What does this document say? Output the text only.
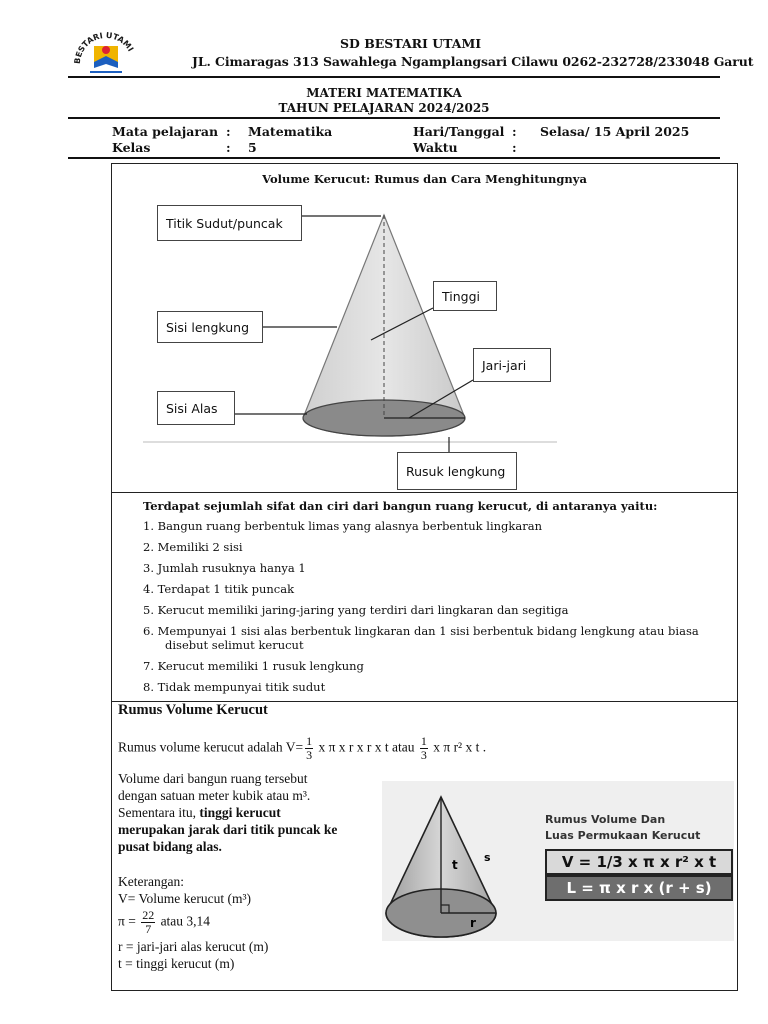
BESTARI UTAMI	SD BESTARI UTAMI
JL. Cimaragas 313 Sawahlega Ngamplangsari Cilawu 0262-232728/233048 Garut
MATERI MATEMATIKA
TAHUN PELAJARAN 2024/2025
Mata pelajaran : Matematika	Hari/Tanggal : Selasa/ 15 April 2025
Kelas	: 5	Waktu	:
Volume Kerucut: Rumus dan Cara Menghitungnya
Titik Sudut/puncak
Sisi lengkung
Sisi Alas
Tinggi
Jari-jari
Rusuk lengkung
Terdapat sejumlah sifat dan ciri dari bangun ruang kerucut, di antaranya yaitu:
1. Bangun ruang berbentuk limas yang alasnya berbentuk lingkaran
2. Memiliki 2 sisi
3. Jumlah rusuknya hanya 1
4. Terdapat 1 titik puncak
5. Kerucut memiliki jaring-jaring yang terdiri dari lingkaran dan segitiga
6. Mempunyai 1 sisi alas berbentuk lingkaran dan 1 sisi berbentuk bidang lengkung atau biasa
disebut selimut kerucut
7. Kerucut memiliki 1 rusuk lengkung
8. Tidak mempunyai titik sudut
Rumus Volume Kerucut
Rumus volume kerucut adalah $V= \frac{1}{3}$ x π x r x r x t atau $\frac{1}{3}$ x π r² x t .
Volume dari bangun ruang tersebut
dengan satuan meter kubik atau m³.
Sementara itu, tinggi kerucut
merupakan jarak dari titik puncak ke
pusat bidang alas.
Keterangan:
V= Volume kerucut (m³)
$\pi = \frac{22}{7}$ atau 3,14
r = jari-jari alas kerucut (m)
t = tinggi kerucut (m)
t
s
r
Rumus Volume Dan
Luas Permukaan Kerucut
V = 1/3 x π x r² x t
L = π x r x (r + s)
